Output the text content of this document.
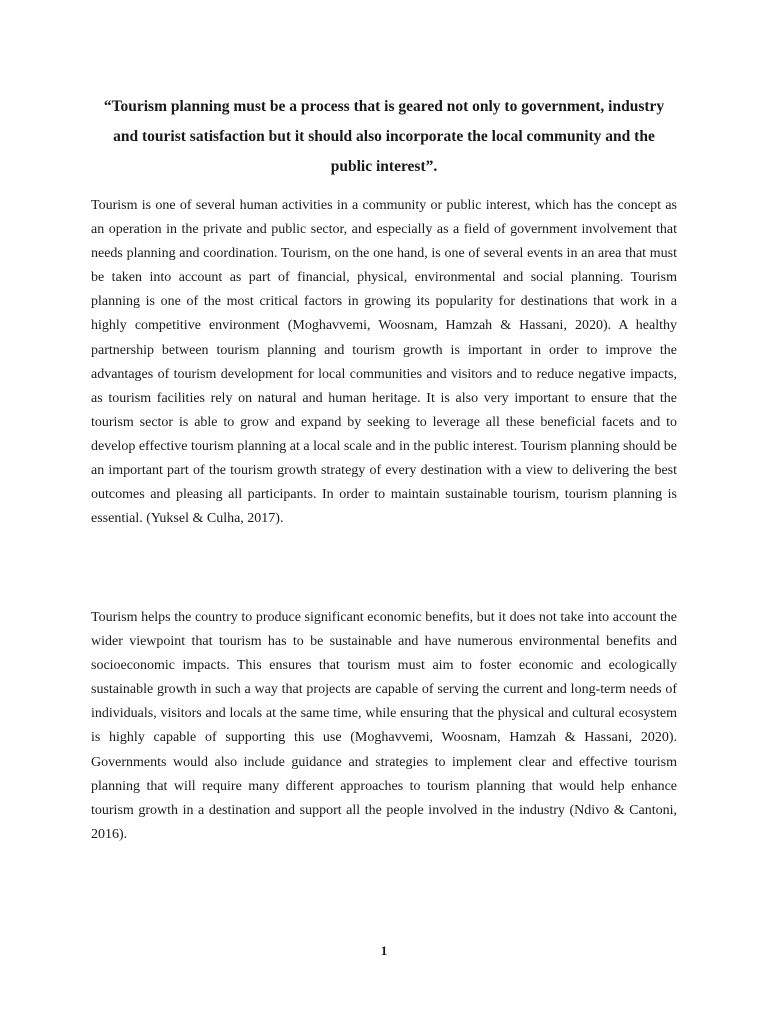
“Tourism planning must be a process that is geared not only to government, industry and tourist satisfaction but it should also incorporate the local community and the public interest”.

Tourism is one of several human activities in a community or public interest, which has the concept as an operation in the private and public sector, and especially as a field of government involvement that needs planning and coordination. Tourism, on the one hand, is one of several events in an area that must be taken into account as part of financial, physical, environmental and social planning. Tourism planning is one of the most critical factors in growing its popularity for destinations that work in a highly competitive environment (Moghavvemi, Woosnam, Hamzah & Hassani, 2020). A healthy partnership between tourism planning and tourism growth is important in order to improve the advantages of tourism development for local communities and visitors and to reduce negative impacts, as tourism facilities rely on natural and human heritage. It is also very important to ensure that the tourism sector is able to grow and expand by seeking to leverage all these beneficial facets and to develop effective tourism planning at a local scale and in the public interest. Tourism planning should be an important part of the tourism growth strategy of every destination with a view to delivering the best outcomes and pleasing all participants. In order to maintain sustainable tourism, tourism planning is essential. (Yuksel & Culha, 2017).

Tourism helps the country to produce significant economic benefits, but it does not take into account the wider viewpoint that tourism has to be sustainable and have numerous environmental benefits and socioeconomic impacts. This ensures that tourism must aim to foster economic and ecologically sustainable growth in such a way that projects are capable of serving the current and long-term needs of individuals, visitors and locals at the same time, while ensuring that the physical and cultural ecosystem is highly capable of supporting this use (Moghavvemi, Woosnam, Hamzah & Hassani, 2020). Governments would also include guidance and strategies to implement clear and effective tourism planning that will require many different approaches to tourism planning that would help enhance tourism growth in a destination and support all the people involved in the industry (Ndivo & Cantoni, 2016).

1
